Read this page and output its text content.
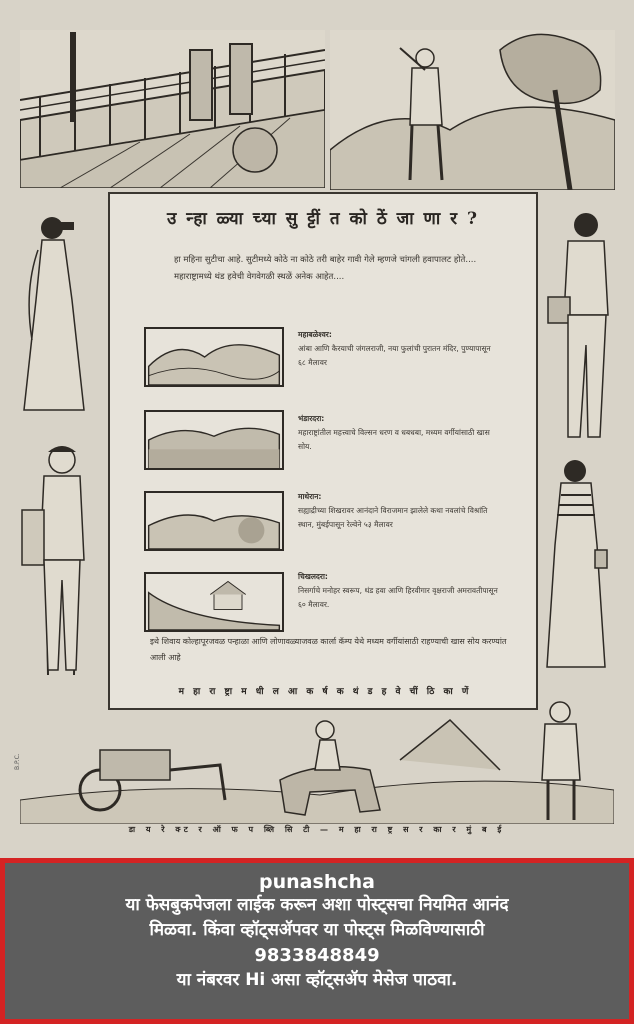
उ न्हा ळ्या च्या सु ट्टीं त को ठें जा णा र ?
हा महिना सुटीचा आहे. सुटीमध्ये कोठे ना कोठे तरी बाहेर गावी गेले म्हणजे चांगली हवापालट होते.... महाराष्ट्रामध्ये थंड हवेची वेगवेगळी स्थळें अनेक आहेत....
महाबळेश्वर:
आंबा आणि कैरयाची जंगलराजी, नया फुलांची पुरातन मंदिर, पुण्यापासून ६८ मैलावर
भंडारदरा:
महाराष्ट्रांतील महत्त्वाचे विल्सन धरण व धबधबा, मध्यम वर्गीयांसाठी खास सोय.
माथेरान:
सह्याद्रीच्या शिखरावर आनंदाने विराजमान झालेले कथा नवलांचे विश्रांति स्थान, मुंबईपासून रेल्वेने ५३ मैलावर
चिखलदरा:
निसर्गाचे मनोहर स्वरूप, थंड हवा आणि हिरवीगार वृक्षराजी अमरावतीपासून ६० मैलावर.
इथे शिवाय कोल्हापूरजवळ पन्हाळा आणि लोणावळ्याजवळ कार्ला कॅम्प येथे मध्यम वर्गीयांसाठी राहण्याची खास सोय करण्यांत आली आहे
म हा रा ष्ट्रा म धी ल आ क र्ष क थं ड ह वे चीं ठि का णें
B.P.C.
डा य रे क्ट र ऑ फ प ब्लि सि टी — म हा रा ष्ट्र स र का र मुं ब ई
punashcha
या फेसबुकपेजला लाईक करून अशा पोस्ट्सचा नियमित आनंद
मिळवा. किंवा व्हॉट्सॲपवर या पोस्ट्स मिळविण्यासाठी
9833848849
या नंबरवर Hi असा व्हॉट्सॲप मेसेज पाठवा.
